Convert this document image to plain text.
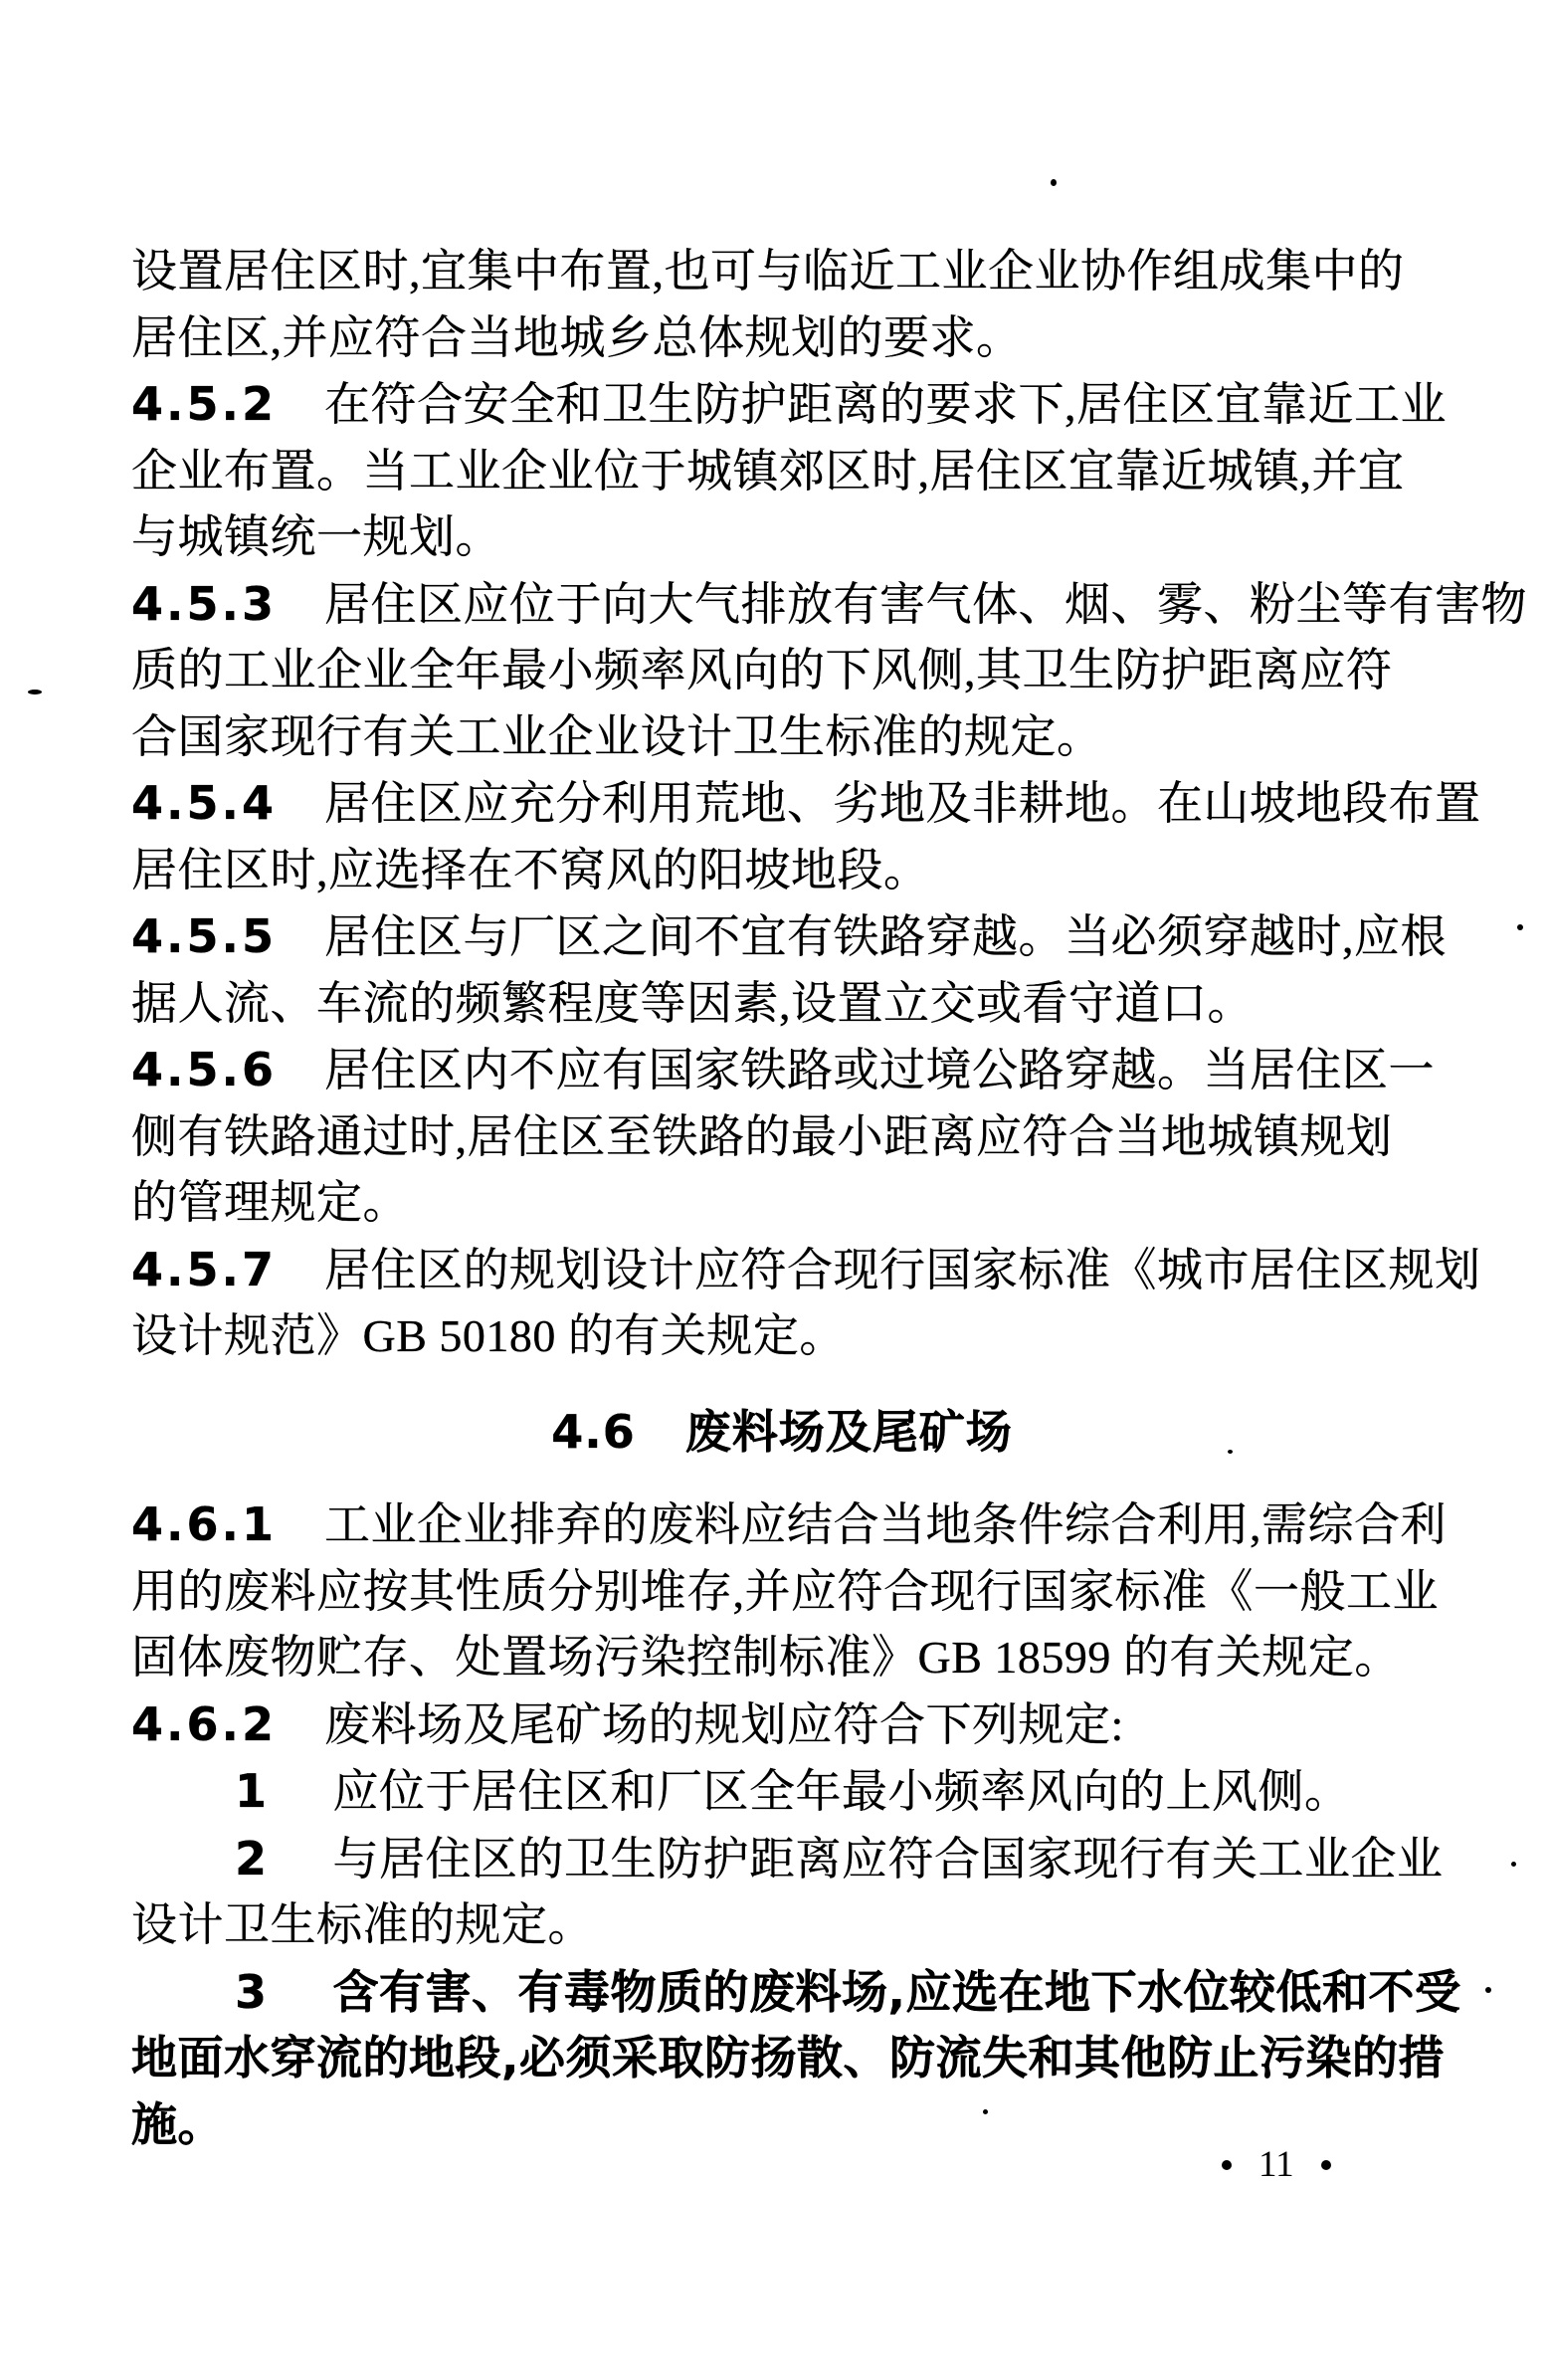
设置居住区时,宜集中布置,也可与临近工业企业协作组成集中的

居住区,并应符合当地城乡总体规划的要求。

4.5.2 在符合安全和卫生防护距离的要求下,居住区宜靠近工业

企业布置。当工业企业位于城镇郊区时,居住区宜靠近城镇,并宜

与城镇统一规划。

4.5.3 居住区应位于向大气排放有害气体、烟、雾、粉尘等有害物

质的工业企业全年最小频率风向的下风侧,其卫生防护距离应符

合国家现行有关工业企业设计卫生标准的规定。

4.5.4 居住区应充分利用荒地、劣地及非耕地。在山坡地段布置

居住区时,应选择在不窝风的阳坡地段。

4.5.5 居住区与厂区之间不宜有铁路穿越。当必须穿越时,应根

据人流、车流的频繁程度等因素,设置立交或看守道口。

4.5.6 居住区内不应有国家铁路或过境公路穿越。当居住区一

侧有铁路通过时,居住区至铁路的最小距离应符合当地城镇规划

的管理规定。

4.5.7 居住区的规划设计应符合现行国家标准《城市居住区规划

设计规范》GB 50180 的有关规定。

4.6 废料场及尾矿场

4.6.1 工业企业排弃的废料应结合当地条件综合利用,需综合利

用的废料应按其性质分别堆存,并应符合现行国家标准《一般工业

固体废物贮存、处置场污染控制标准》GB 18599 的有关规定。

4.6.2 废料场及尾矿场的规划应符合下列规定:

1 应位于居住区和厂区全年最小频率风向的上风侧。

2 与居住区的卫生防护距离应符合国家现行有关工业企业

设计卫生标准的规定。

3 含有害、有毒物质的废料场,应选在地下水位较低和不受

地面水穿流的地段,必须采取防扬散、防流失和其他防止污染的措

施。

11
